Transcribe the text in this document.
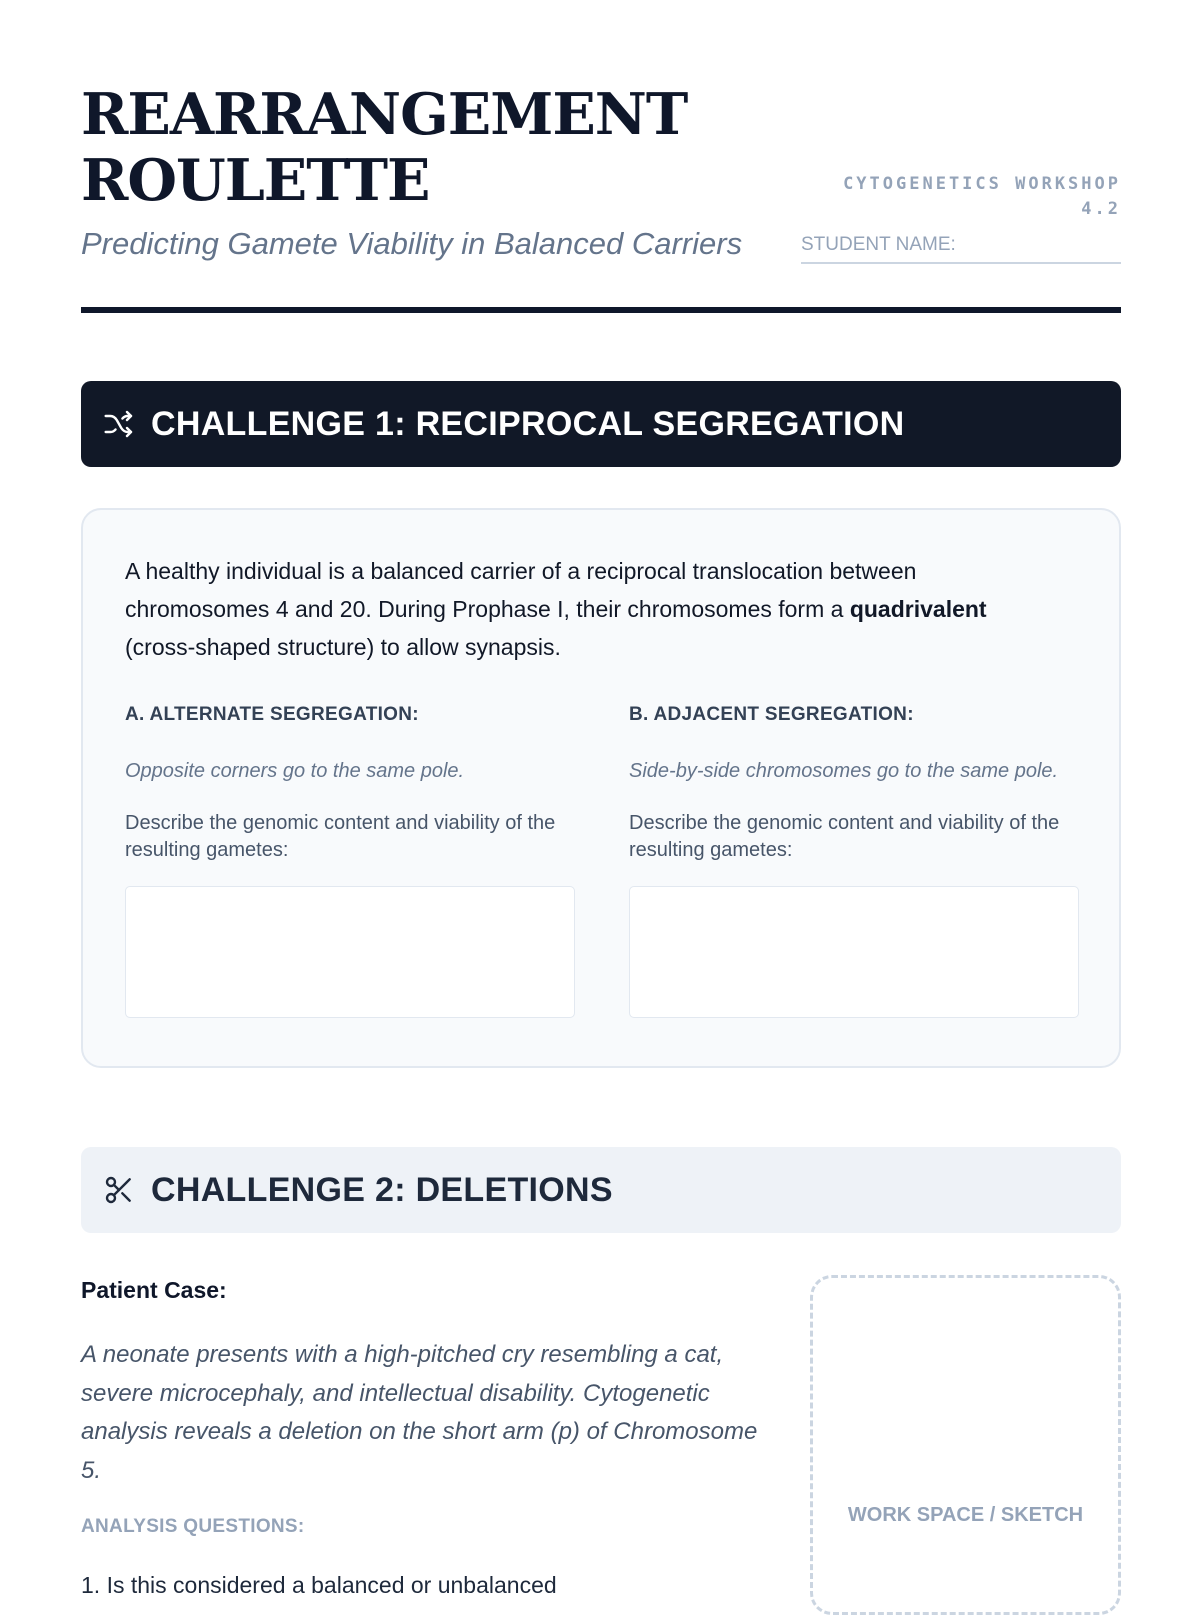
REARRANGEMENT
ROULETTE
Predicting Gamete Viability in Balanced Carriers
CYTOGENETICS WORKSHOP
4.2
STUDENT NAME:
CHALLENGE 1: RECIPROCAL SEGREGATION
A healthy individual is a balanced carrier of a reciprocal translocation between chromosomes 4 and 20. During Prophase I, their chromosomes form a quadrivalent (cross-shaped structure) to allow synapsis.
A. ALTERNATE SEGREGATION:
Opposite corners go to the same pole.
Describe the genomic content and viability of the resulting gametes:
B. ADJACENT SEGREGATION:
Side-by-side chromosomes go to the same pole.
Describe the genomic content and viability of the resulting gametes:
CHALLENGE 2: DELETIONS
Patient Case:
A neonate presents with a high-pitched cry resembling a cat, severe microcephaly, and intellectual disability. Cytogenetic analysis reveals a deletion on the short arm (p) of Chromosome 5.
ANALYSIS QUESTIONS:
1. Is this considered a balanced or unbalanced
WORK SPACE / SKETCH
